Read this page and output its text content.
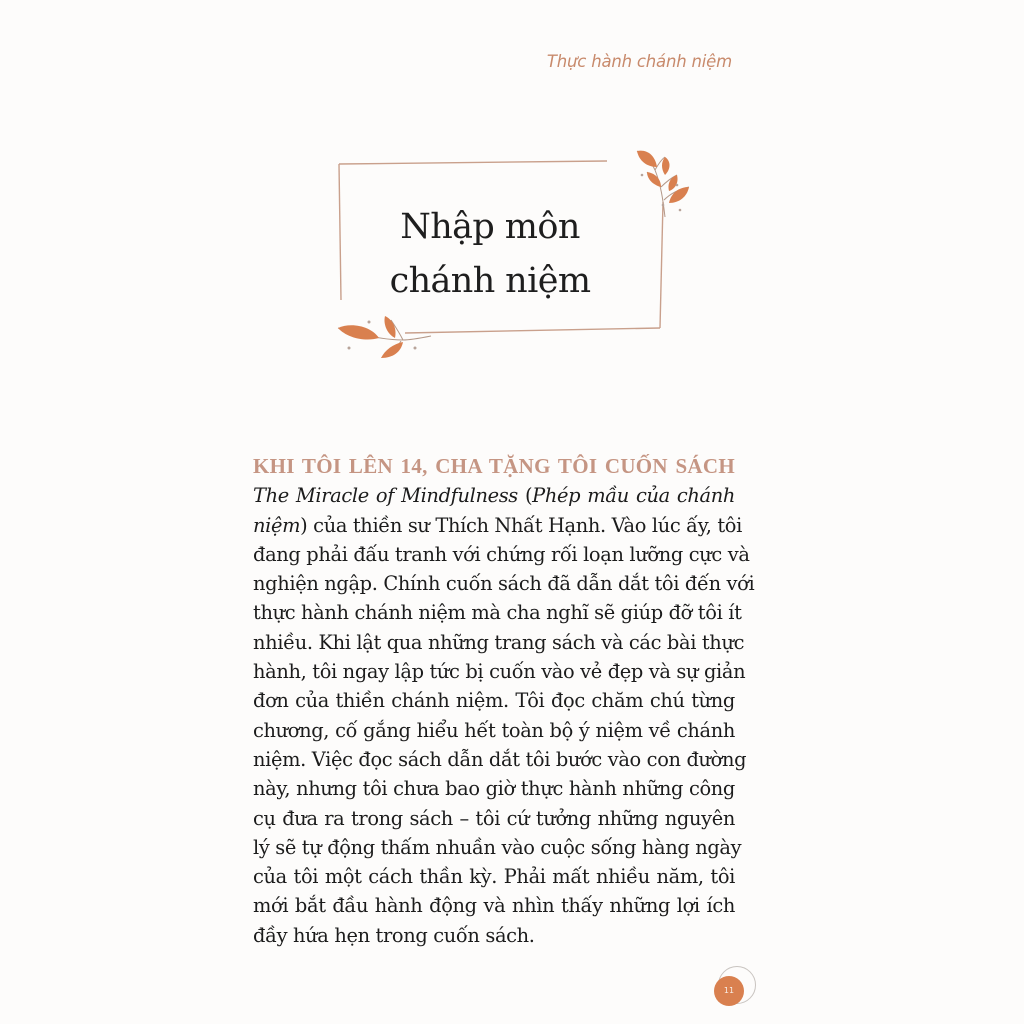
Thực hành chánh niệm
Nhập môn
chánh niệm
KHI TÔI LÊN 14, CHA TẶNG TÔI CUỐN SÁCH
The Miracle of Mindfulness (Phép mầu của chánh
niệm) của thiền sư Thích Nhất Hạnh. Vào lúc ấy, tôi
đang phải đấu tranh với chứng rối loạn lưỡng cực và
nghiện ngập. Chính cuốn sách đã dẫn dắt tôi đến với
thực hành chánh niệm mà cha nghĩ sẽ giúp đỡ tôi ít
nhiều. Khi lật qua những trang sách và các bài thực
hành, tôi ngay lập tức bị cuốn vào vẻ đẹp và sự giản
đơn của thiền chánh niệm. Tôi đọc chăm chú từng
chương, cố gắng hiểu hết toàn bộ ý niệm về chánh
niệm. Việc đọc sách dẫn dắt tôi bước vào con đường
này, nhưng tôi chưa bao giờ thực hành những công
cụ đưa ra trong sách – tôi cứ tưởng những nguyên
lý sẽ tự động thấm nhuần vào cuộc sống hàng ngày
của tôi một cách thần kỳ. Phải mất nhiều năm, tôi
mới bắt đầu hành động và nhìn thấy những lợi ích
đầy hứa hẹn trong cuốn sách.
11
